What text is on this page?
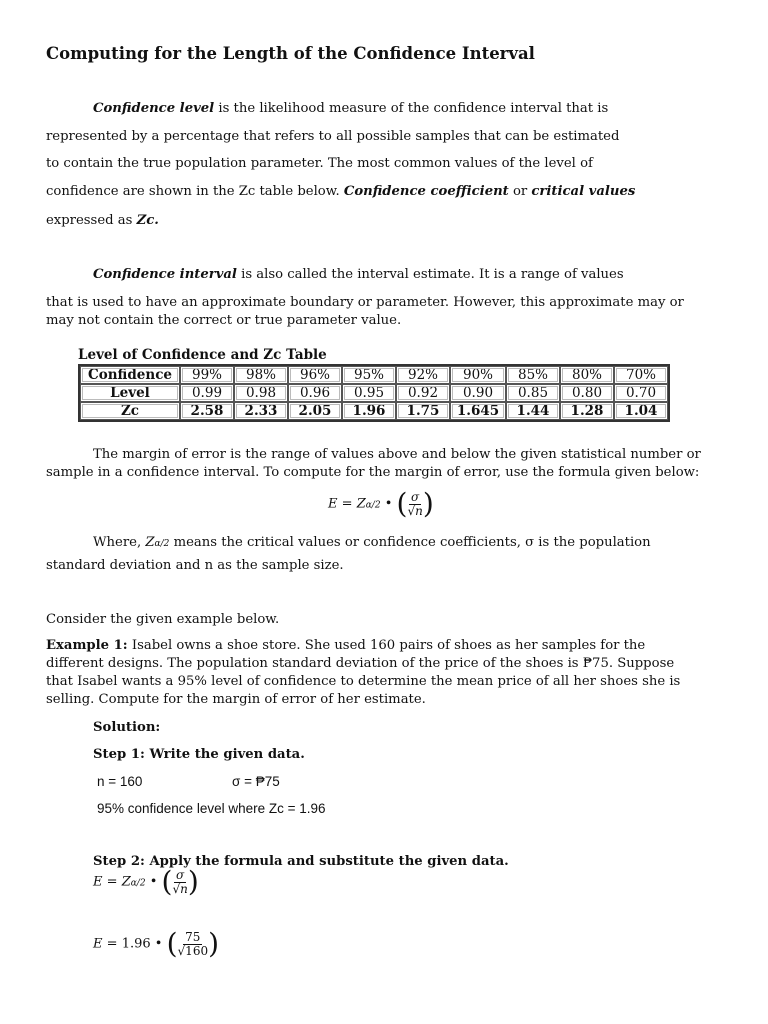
Computing for the Length of the Confidence Interval
Confidence level is the likelihood measure of the confidence interval that is
represented by a percentage that refers to all possible samples that can be estimated
to contain the true population parameter. The most common values of the level of
confidence are shown in the Zc table below. Confidence coefficient or critical values
expressed as Zc.
Confidence interval is also called the interval estimate. It is a range of values
that is used to have an approximate boundary or parameter. However, this approximate may or
may not contain the correct or true parameter value.
Level of Confidence and Zc Table
Confidence	99%	98%	96%	95%	92%	90%	85%	80%	70%
Level	0.99	0.98	0.96	0.95	0.92	0.90	0.85	0.80	0.70
Zc	2.58	2.33	2.05	1.96	1.75	1.645	1.44	1.28	1.04
The margin of error is the range of values above and below the given statistical number or
sample in a confidence interval. To compute for the margin of error, use the formula given below:
E = Zα/2 • ( $\frac{\sigma}{√n}$ )
Where, Zα/2 means the critical values or confidence coefficients, σ is the population
standard deviation and n as the sample size.
Consider the given example below.
Example 1: Isabel owns a shoe store. She used 160 pairs of shoes as her samples for the
different designs. The population standard deviation of the price of the shoes is ₱75. Suppose
that Isabel wants a 95% level of confidence to determine the mean price of all her shoes she is
selling. Compute for the margin of error of her estimate.
Solution:
Step 1: Write the given data.
n = 160	σ = ₱75
95% confidence level where Zc = 1.96
Step 2: Apply the formula and substitute the given data.
E = Zα/2 • ( $\frac{\sigma}{√n}$ )
E = 1.96 • ( $\frac{75}{√160}$ )
